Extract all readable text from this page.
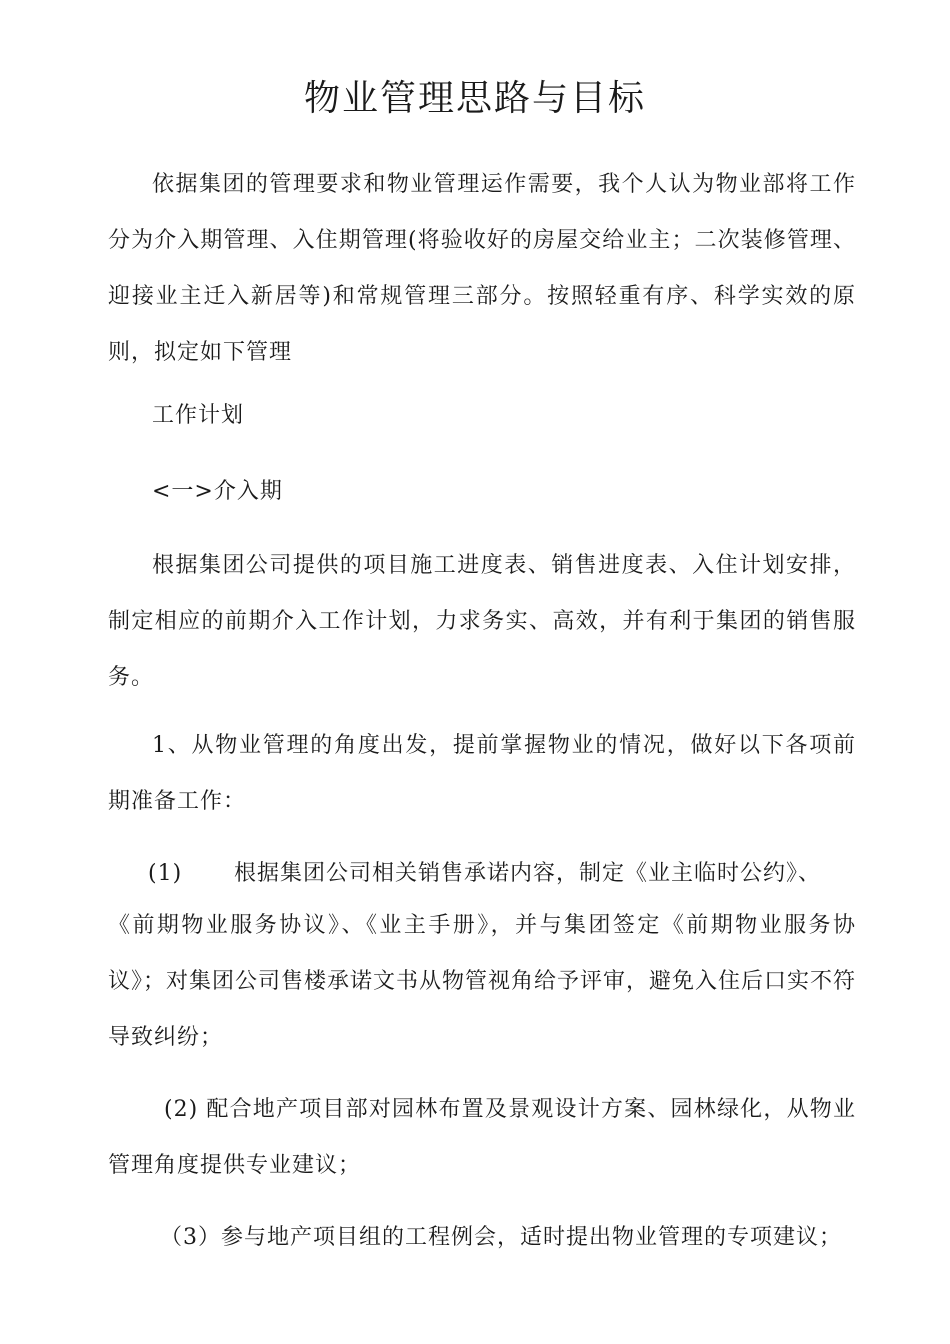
物业管理思路与目标

依据集团的管理要求和物业管理运作需要，我个人认为物业部将工作分为介入期管理、入住期管理(将验收好的房屋交给业主；二次装修管理、迎接业主迁入新居等)和常规管理三部分。按照轻重有序、科学实效的原则，拟定如下管理

工作计划

<一>介入期

根据集团公司提供的项目施工进度表、销售进度表、入住计划安排，制定相应的前期介入工作计划，力求务实、高效，并有利于集团的销售服务。

1、从物业管理的角度出发，提前掌握物业的情况，做好以下各项前期准备工作：

(1) 根据集团公司相关销售承诺内容，制定《业主临时公约》、

《前期物业服务协议》、《业主手册》，并与集团签定《前期物业服务协议》；对集团公司售楼承诺文书从物管视角给予评审，避免入住后口实不符导致纠纷；

(2) 配合地产项目部对园林布置及景观设计方案、园林绿化，从物业管理角度提供专业建议；

（3）参与地产项目组的工程例会，适时提出物业管理的专项建议；
